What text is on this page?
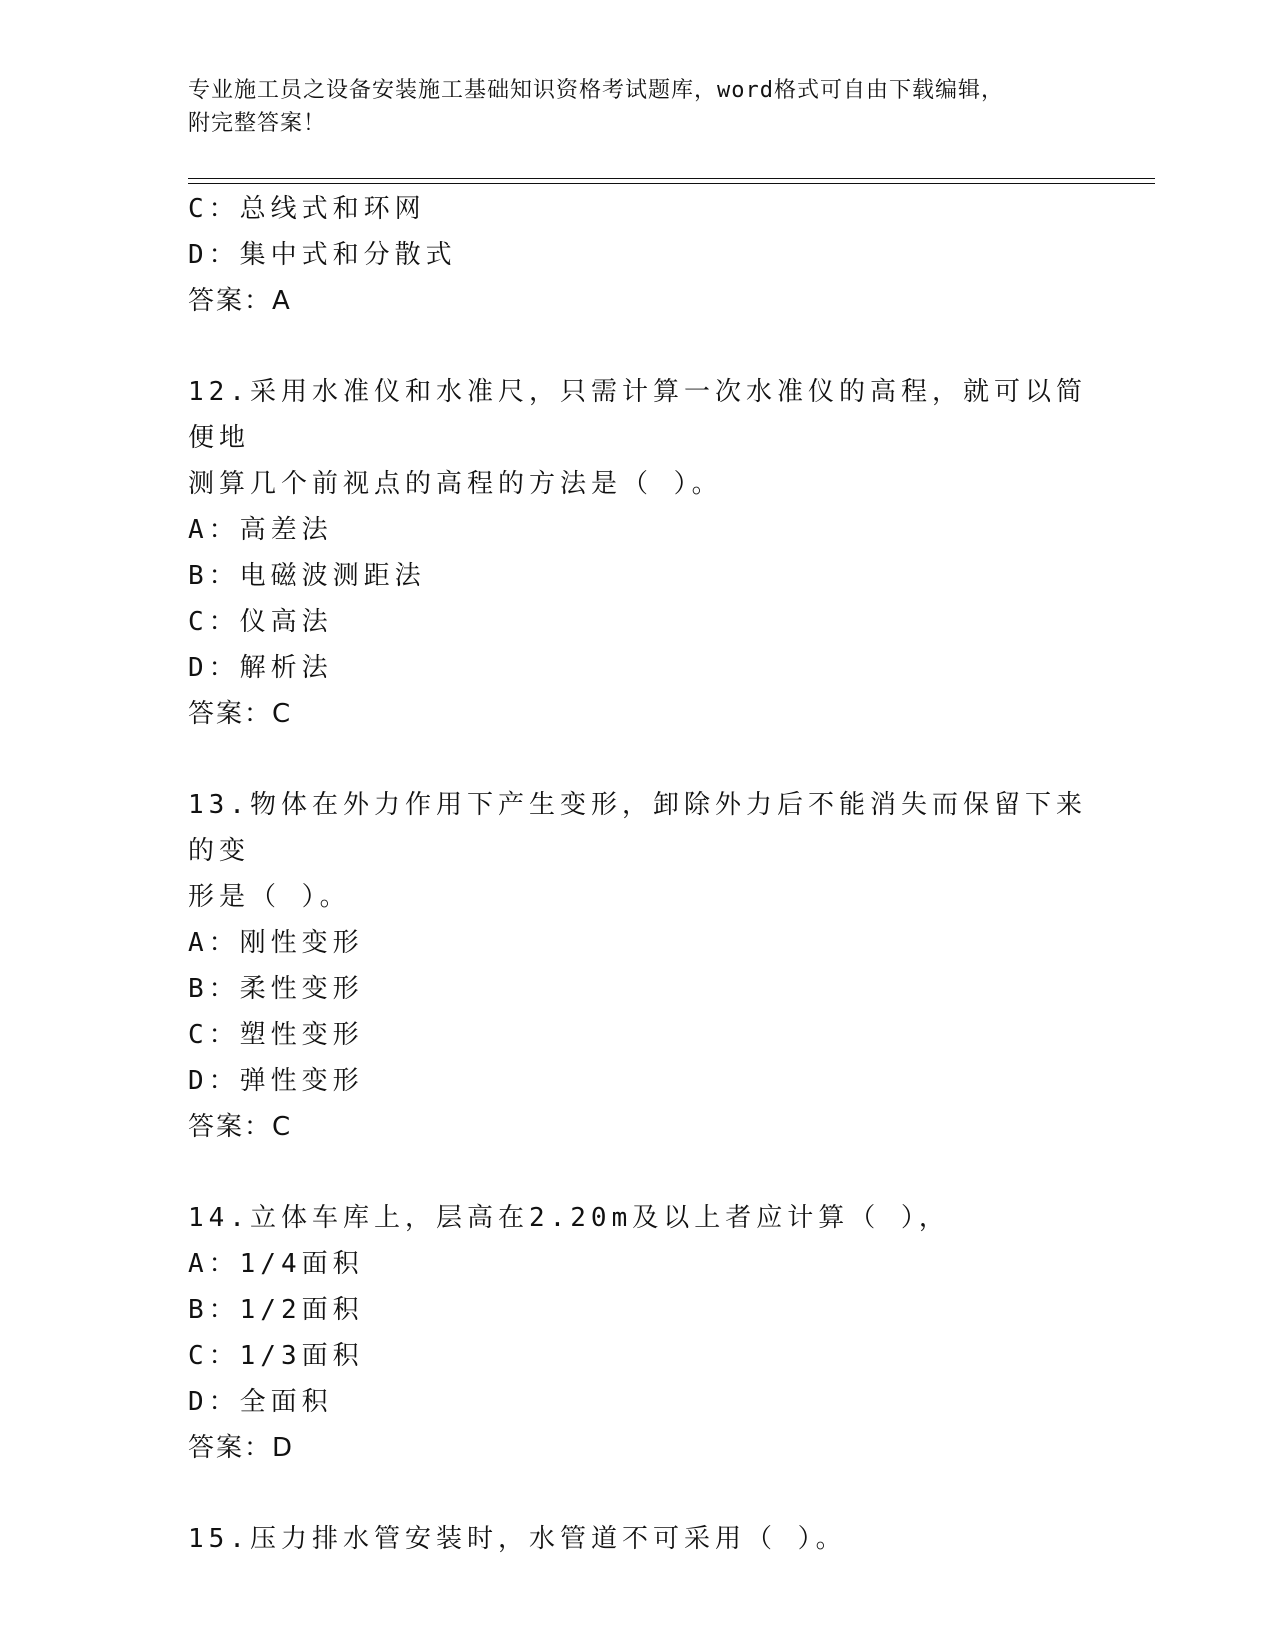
专业施工员之设备安装施工基础知识资格考试题库，word格式可自由下载编辑，
附完整答案！
C：总线式和环网
D：集中式和分散式
答案：A
12.采用水准仪和水准尺，只需计算一次水准仪的高程，就可以简便地
测算几个前视点的高程的方法是（ ）。
A：高差法
B：电磁波测距法
C：仪高法
D：解析法
答案：C
13.物体在外力作用下产生变形，卸除外力后不能消失而保留下来的变
形是（ ）。
A：刚性变形
B：柔性变形
C：塑性变形
D：弹性变形
答案：C
14.立体车库上，层高在2.20m及以上者应计算（ ），
A：1/4面积
B：1/2面积
C：1/3面积
D：全面积
答案：D
15.压力排水管安装时，水管道不可采用（ ）。
